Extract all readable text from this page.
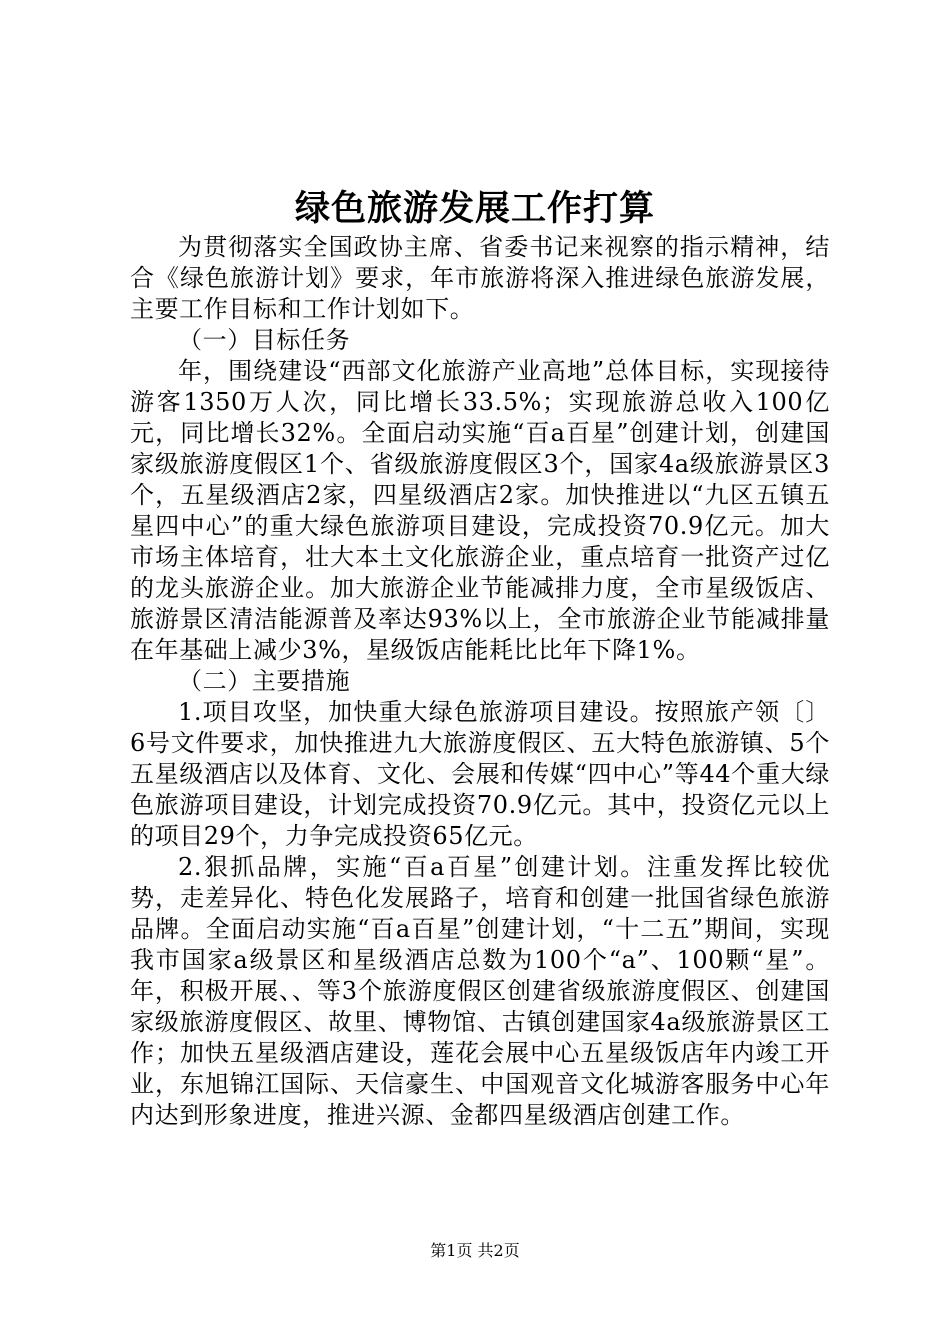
绿色旅游发展工作打算

为贯彻落实全国政协主席、省委书记来视察的指示精神，结合《绿色旅游计划》要求，年市旅游将深入推进绿色旅游发展，主要工作目标和工作计划如下。

（一）目标任务

年，围绕建设“西部文化旅游产业高地”总体目标，实现接待游客1350万人次，同比增长33.5%；实现旅游总收入100亿元，同比增长32%。全面启动实施“百a百星”创建计划，创建国家级旅游度假区1个、省级旅游度假区3个，国家4a级旅游景区3个，五星级酒店2家，四星级酒店2家。加快推进以“九区五镇五星四中心”的重大绿色旅游项目建设，完成投资70.9亿元。加大市场主体培育，壮大本土文化旅游企业，重点培育一批资产过亿的龙头旅游企业。加大旅游企业节能减排力度，全市星级饭店、旅游景区清洁能源普及率达93%以上，全市旅游企业节能减排量在年基础上减少3%，星级饭店能耗比比年下降1%。

（二）主要措施

1.项目攻坚，加快重大绿色旅游项目建设。按照旅产领〔〕6号文件要求，加快推进九大旅游度假区、五大特色旅游镇、5个五星级酒店以及体育、文化、会展和传媒“四中心”等44个重大绿色旅游项目建设，计划完成投资70.9亿元。其中，投资亿元以上的项目29个，力争完成投资65亿元。

2.狠抓品牌，实施“百a百星”创建计划。注重发挥比较优势，走差异化、特色化发展路子，培育和创建一批国省绿色旅游品牌。全面启动实施“百a百星”创建计划，“十二五”期间，实现我市国家a级景区和星级酒店总数为100个“a”、100颗“星”。年，积极开展、、等3个旅游度假区创建省级旅游度假区、创建国家级旅游度假区、故里、博物馆、古镇创建国家4a级旅游景区工作；加快五星级酒店建设，莲花会展中心五星级饭店年内竣工开业，东旭锦江国际、天信豪生、中国观音文化城游客服务中心年内达到形象进度，推进兴源、金都四星级酒店创建工作。

第1页 共2页
